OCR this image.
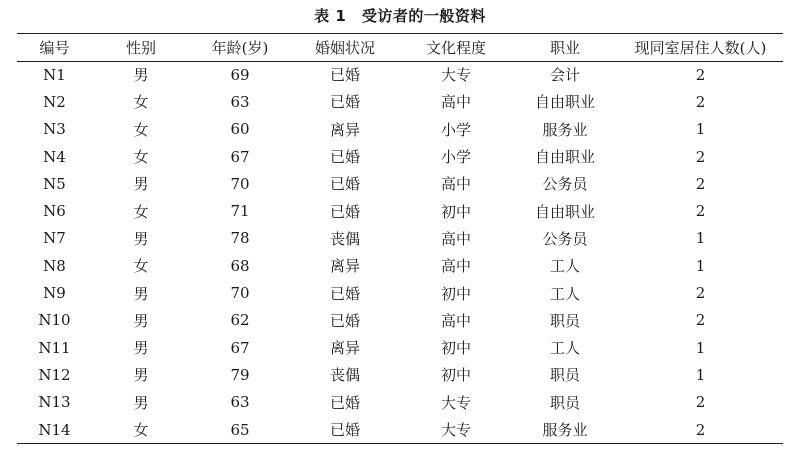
表 1　受访者的一般资料
编号	性别	年龄(岁)	婚姻状况	文化程度	职业	现同室居住人数(人)
N1	男	69	已婚	大专	会计	2
N2	女	63	已婚	高中	自由职业	2
N3	女	60	离异	小学	服务业	1
N4	女	67	已婚	小学	自由职业	2
N5	男	70	已婚	高中	公务员	2
N6	女	71	已婚	初中	自由职业	2
N7	男	78	丧偶	高中	公务员	1
N8	女	68	离异	高中	工人	1
N9	男	70	已婚	初中	工人	2
N10	男	62	已婚	高中	职员	2
N11	男	67	离异	初中	工人	1
N12	男	79	丧偶	初中	职员	1
N13	男	63	已婚	大专	职员	2
N14	女	65	已婚	大专	服务业	2
